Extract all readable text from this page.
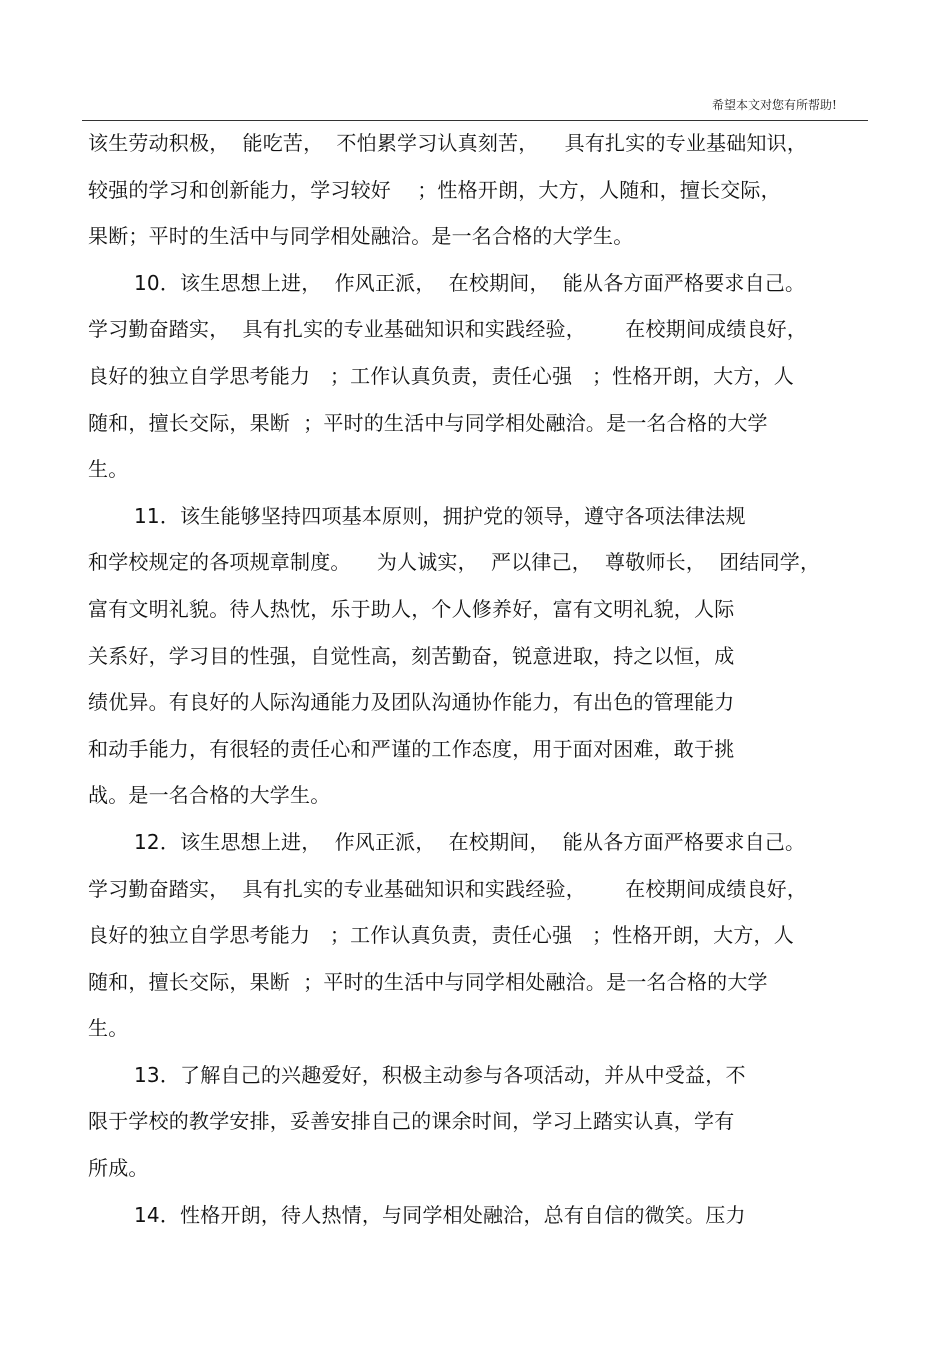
希望本文对您有所帮助!
该生劳动积极，  能吃苦，  不怕累学习认真刻苦，    具有扎实的专业基础知识，
较强的学习和创新能力，学习较好    ；性格开朗，大方，人随和，擅长交际，
果断；平时的生活中与同学相处融洽。是一名合格的大学生。
10．该生思想上进，  作风正派，  在校期间，  能从各方面严格要求自己。
学习勤奋踏实，  具有扎实的专业基础知识和实践经验，      在校期间成绩良好，
良好的独立自学思考能力   ；工作认真负责，责任心强   ；性格开朗，大方，人
随和，擅长交际，果断  ；平时的生活中与同学相处融洽。是一名合格的大学
生。
11．该生能够坚持四项基本原则，拥护党的领导，遵守各项法律法规
和学校规定的各项规章制度。    为人诚实，  严以律己，  尊敬师长，  团结同学，
富有文明礼貌。待人热忱，乐于助人，个人修养好，富有文明礼貌，人际
关系好，学习目的性强，自觉性高，刻苦勤奋，锐意进取，持之以恒，成
绩优异。有良好的人际沟通能力及团队沟通协作能力，有出色的管理能力
和动手能力，有很轻的责任心和严谨的工作态度，用于面对困难，敢于挑
战。是一名合格的大学生。
12．该生思想上进，  作风正派，  在校期间，  能从各方面严格要求自己。
学习勤奋踏实，  具有扎实的专业基础知识和实践经验，      在校期间成绩良好，
良好的独立自学思考能力   ；工作认真负责，责任心强   ；性格开朗，大方，人
随和，擅长交际，果断  ；平时的生活中与同学相处融洽。是一名合格的大学
生。
13．了解自己的兴趣爱好，积极主动参与各项活动，并从中受益，不
限于学校的教学安排，妥善安排自己的课余时间，学习上踏实认真，学有
所成。
14．性格开朗，待人热情，与同学相处融洽，总有自信的微笑。压力
